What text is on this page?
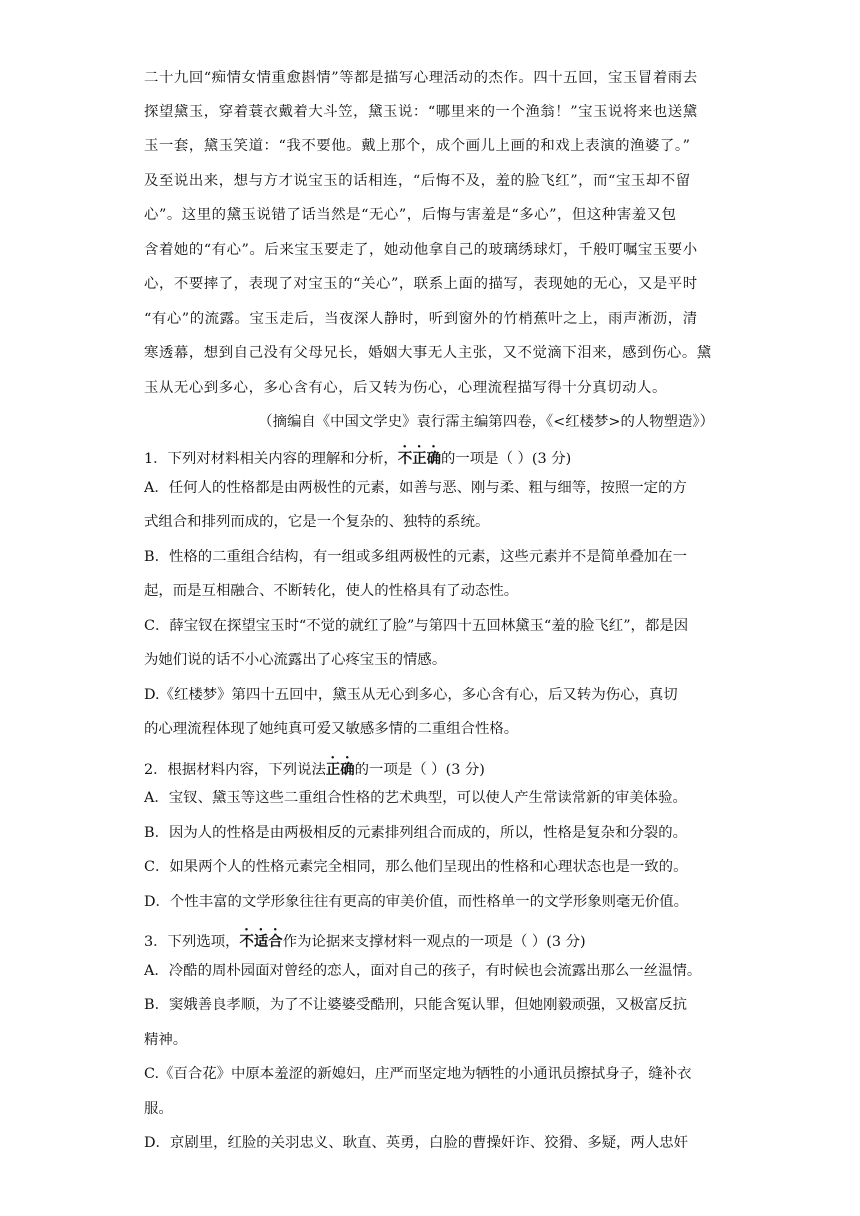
二十九回“痴情女情重愈斟情”等都是描写心理活动的杰作。四十五回，宝玉冒着雨去
探望黛玉，穿着蓑衣戴着大斗笠，黛玉说：“哪里来的一个渔翁！”宝玉说将来也送黛
玉一套，黛玉笑道：“我不要他。戴上那个，成个画儿上画的和戏上表演的渔婆了。”
及至说出来，想与方才说宝玉的话相连，“后悔不及，羞的脸飞红”，而“宝玉却不留
心”。这里的黛玉说错了话当然是“无心”，后悔与害羞是“多心”，但这种害羞又包
含着她的“有心”。后来宝玉要走了，她动他拿自己的玻璃绣球灯，千般叮嘱宝玉要小
心，不要摔了，表现了对宝玉的“关心”，联系上面的描写，表现她的无心，又是平时
“有心”的流露。宝玉走后，当夜深人静时，听到窗外的竹梢蕉叶之上，雨声淅沥，清
寒透幕，想到自己没有父母兄长，婚姻大事无人主张，又不觉滴下泪来，感到伤心。黛
玉从无心到多心，多心含有心，后又转为伤心，心理流程描写得十分真切动人。
（摘编自《中国文学史》袁行霈主编第四卷，《<红楼梦>的人物塑造》）
1．下列对材料相关内容的理解和分析，不正确的一项是（ ）(3 分)
A．任何人的性格都是由两极性的元素，如善与恶、刚与柔、粗与细等，按照一定的方
式组合和排列而成的，它是一个复杂的、独特的系统。
B．性格的二重组合结构，有一组或多组两极性的元素，这些元素并不是简单叠加在一
起，而是互相融合、不断转化，使人的性格具有了动态性。
C．薛宝钗在探望宝玉时“不觉的就红了脸”与第四十五回林黛玉“羞的脸飞红”，都是因
为她们说的话不小心流露出了心疼宝玉的情感。
D.《红楼梦》第四十五回中，黛玉从无心到多心，多心含有心，后又转为伤心，真切
的心理流程体现了她纯真可爱又敏感多情的二重组合性格。
2．根据材料内容，下列说法正确的一项是（ ）(3 分)
A．宝钗、黛玉等这些二重组合性格的艺术典型，可以使人产生常读常新的审美体验。
B．因为人的性格是由两极相反的元素排列组合而成的，所以，性格是复杂和分裂的。
C．如果两个人的性格元素完全相同，那么他们呈现出的性格和心理状态也是一致的。
D．个性丰富的文学形象往往有更高的审美价值，而性格单一的文学形象则毫无价值。
3．下列选项，不适合作为论据来支撑材料一观点的一项是（ ）(3 分)
A．冷酷的周朴园面对曾经的恋人，面对自己的孩子，有时候也会流露出那么一丝温情。
B．窦娥善良孝顺，为了不让婆婆受酷刑，只能含冤认罪，但她刚毅顽强，又极富反抗
精神。
C.《百合花》中原本羞涩的新媳妇，庄严而坚定地为牺牲的小通讯员擦拭身子，缝补衣
服。
D．京剧里，红脸的关羽忠义、耿直、英勇，白脸的曹操奸诈、狡猾、多疑，两人忠奸
